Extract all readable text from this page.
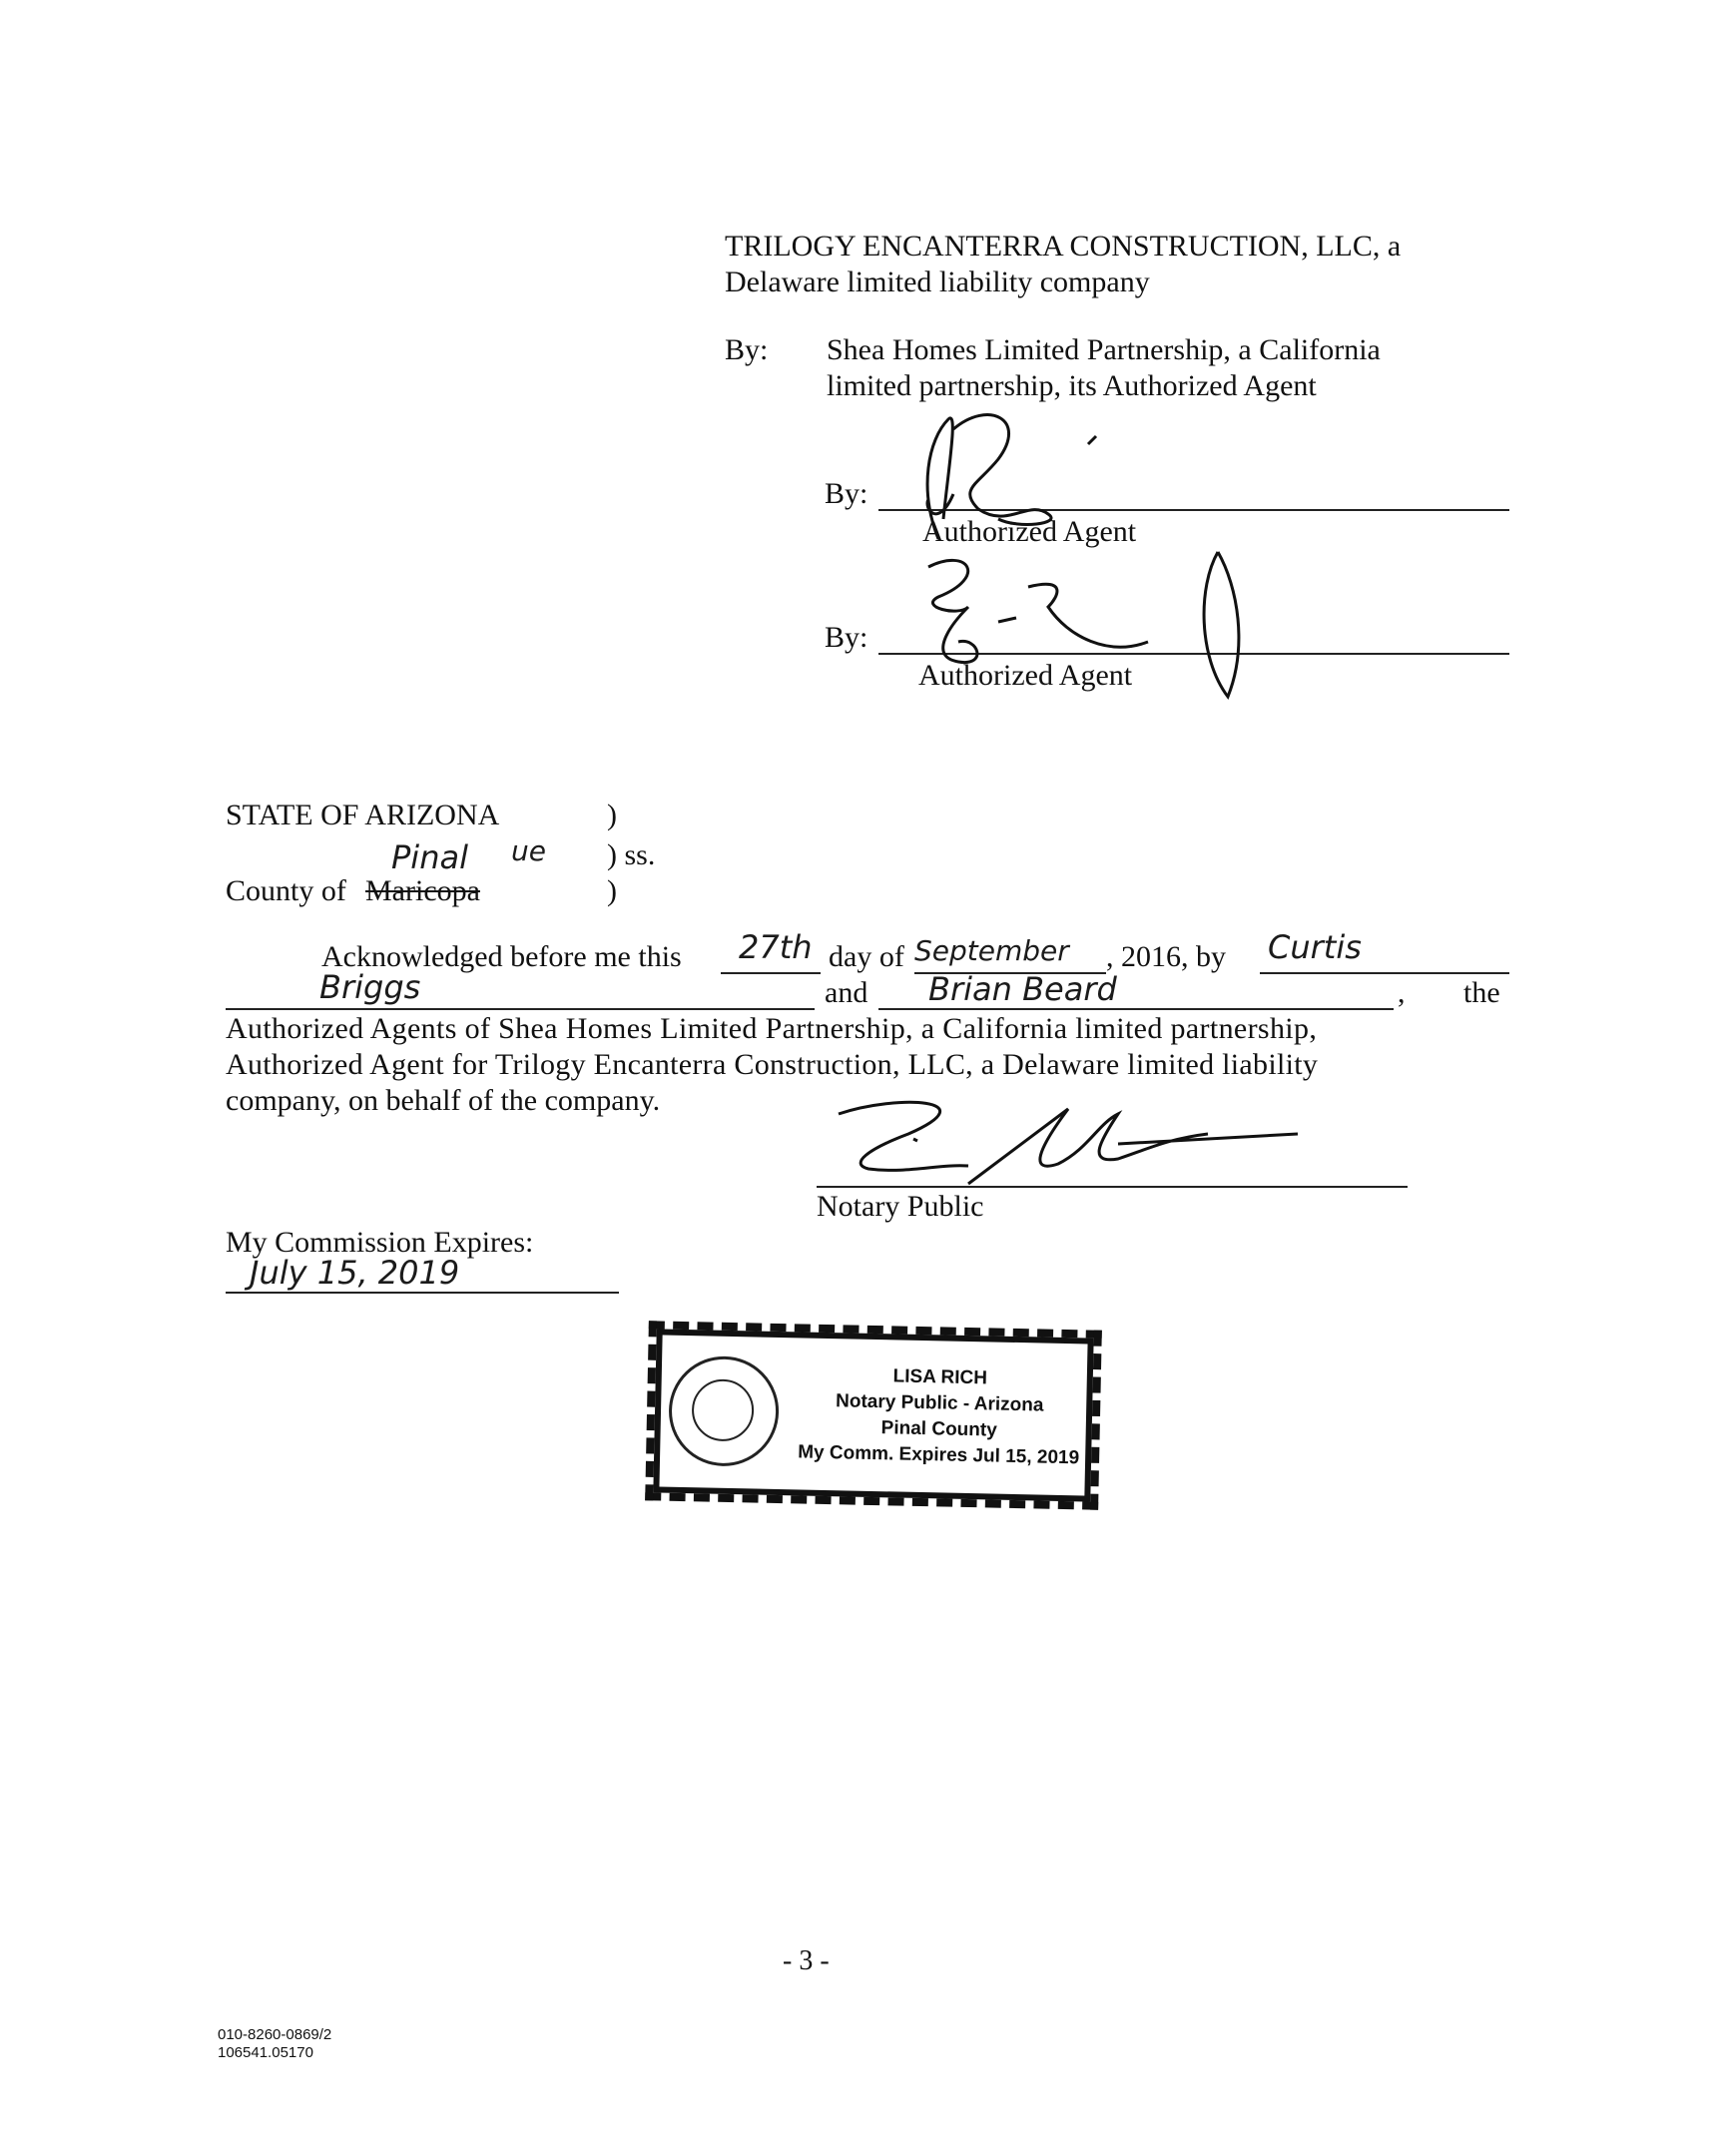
TRILOGY ENCANTERRA CONSTRUCTION, LLC, a
Delaware limited liability company
By: Shea Homes Limited Partnership, a California
limited partnership, its Authorized Agent
By:
Authorized Agent
By:
Authorized Agent
STATE OF ARIZONA	)
Pinal ue ) ss.
County of Maricopa	)
Acknowledged before me this 27th day of September , 2016, by Curtis
Briggs	and Brian Beard	, the
Authorized Agents of Shea Homes Limited Partnership, a California limited partnership,
Authorized Agent for Trilogy Encanterra Construction, LLC, a Delaware limited liability
company, on behalf of the company.
Notary Public
My Commission Expires:
July 15, 2019
LISA RICH
Notary Public - Arizona
Pinal County
My Comm. Expires Jul 15, 2019
- 3 -
010-8260-0869/2
106541.05170
